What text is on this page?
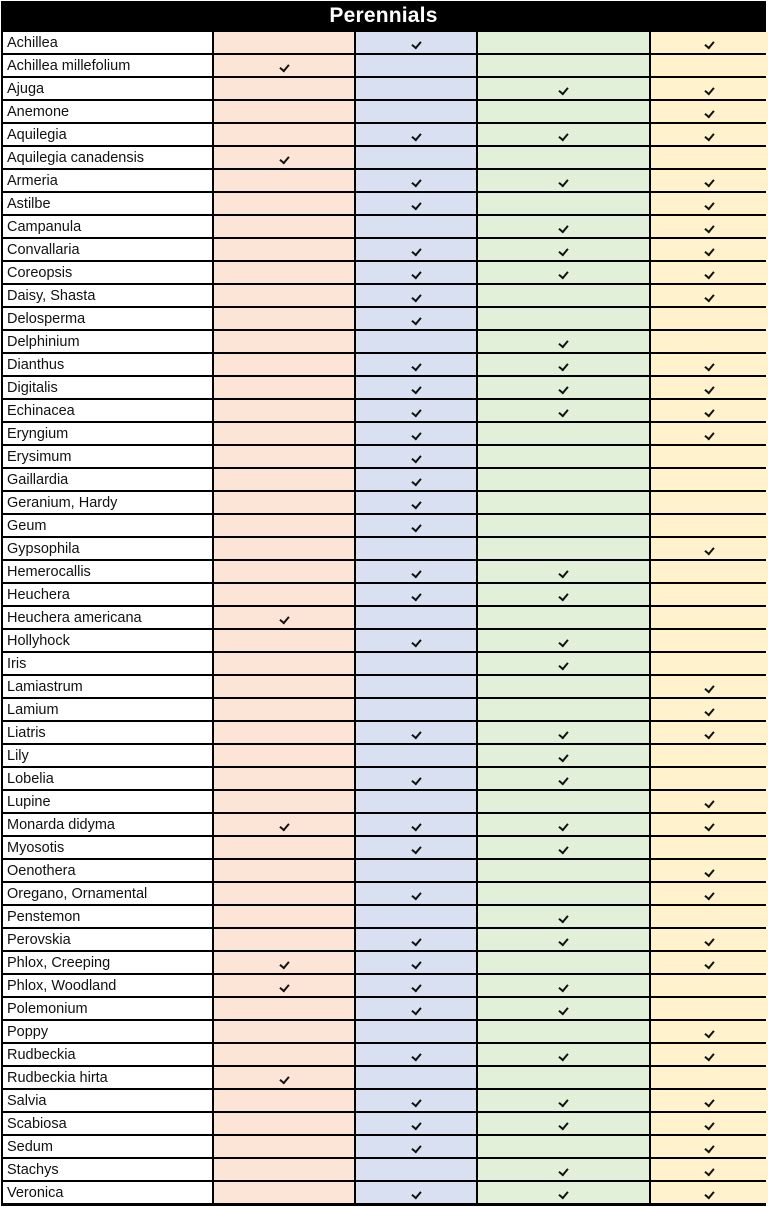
Perennials
Achillea
Achillea millefolium
Ajuga
Anemone
Aquilegia
Aquilegia canadensis
Armeria
Astilbe
Campanula
Convallaria
Coreopsis
Daisy, Shasta
Delosperma
Delphinium
Dianthus
Digitalis
Echinacea
Eryngium
Erysimum
Gaillardia
Geranium, Hardy
Geum
Gypsophila
Hemerocallis
Heuchera
Heuchera americana
Hollyhock
Iris
Lamiastrum
Lamium
Liatris
Lily
Lobelia
Lupine
Monarda didyma
Myosotis
Oenothera
Oregano, Ornamental
Penstemon
Perovskia
Phlox, Creeping
Phlox, Woodland
Polemonium
Poppy
Rudbeckia
Rudbeckia hirta
Salvia
Scabiosa
Sedum
Stachys
Veronica
